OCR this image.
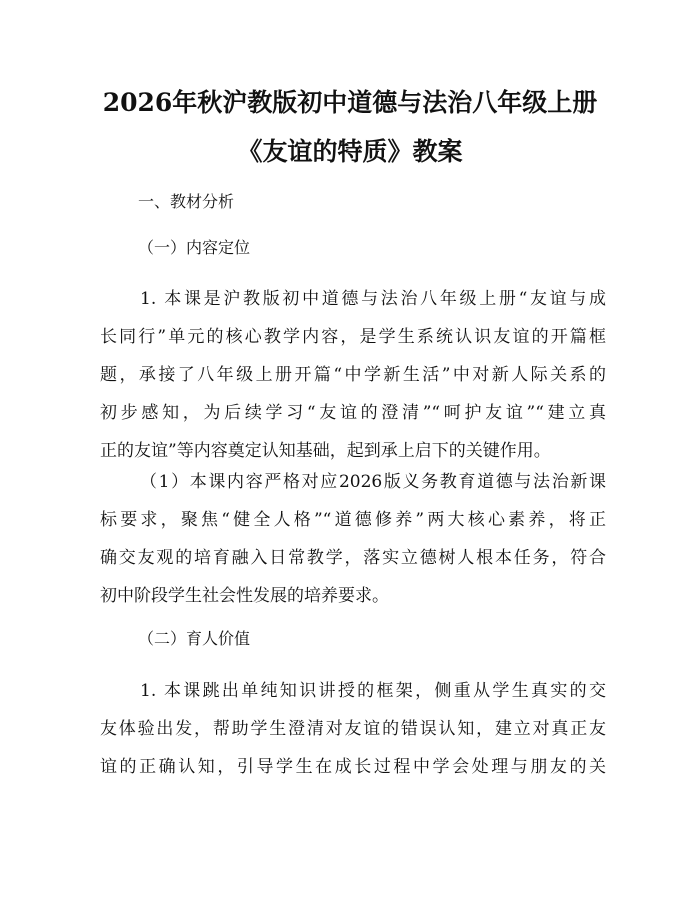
2026年秋沪教版初中道德与法治八年级上册
《友谊的特质》教案
一、教材分析
（一）内容定位
1. 本课是沪教版初中道德与法治八年级上册“友谊与成
长同行”单元的核心教学内容，是学生系统认识友谊的开篇框
题，承接了八年级上册开篇“中学新生活”中对新人际关系的
初步感知，为后续学习“友谊的澄清”“呵护友谊”“建立真
正的友谊”等内容奠定认知基础，起到承上启下的关键作用。
（1）本课内容严格对应2026版义务教育道德与法治新课
标要求，聚焦“健全人格”“道德修养”两大核心素养，将正
确交友观的培育融入日常教学，落实立德树人根本任务，符合
初中阶段学生社会性发展的培养要求。
（二）育人价值
1. 本课跳出单纯知识讲授的框架，侧重从学生真实的交
友体验出发，帮助学生澄清对友谊的错误认知，建立对真正友
谊的正确认知，引导学生在成长过程中学会处理与朋友的关
